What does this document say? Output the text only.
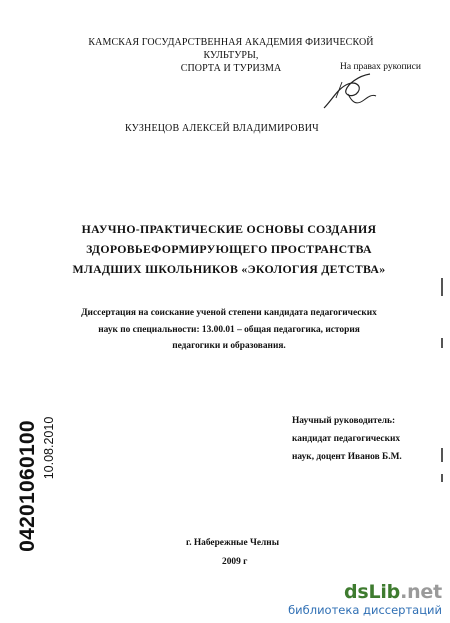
КАМСКАЯ ГОСУДАРСТВЕННАЯ АКАДЕМИЯ ФИЗИЧЕСКОЙ КУЛЬТУРЫ,
СПОРТА И ТУРИЗМА	На правах рукописи
КУЗНЕЦОВ АЛЕКСЕЙ ВЛАДИМИРОВИЧ
НАУЧНО-ПРАКТИЧЕСКИЕ ОСНОВЫ СОЗДАНИЯ
ЗДОРОВЬЕФОРМИРУЮЩЕГО ПРОСТРАНСТВА
МЛАДШИХ ШКОЛЬНИКОВ «ЭКОЛОГИЯ ДЕТСТВА»
Диссертация на соискание ученой степени кандидата педагогических
наук по специальности: 13.00.01 – общая педагогика, история
педагогики и образования.
Научный руководитель:
кандидат педагогических
наук, доцент Иванов Б.М.
г. Набережные Челны
2009 г
04201060100 10.08.2010
dsLib.net
библиотека диссертаций
